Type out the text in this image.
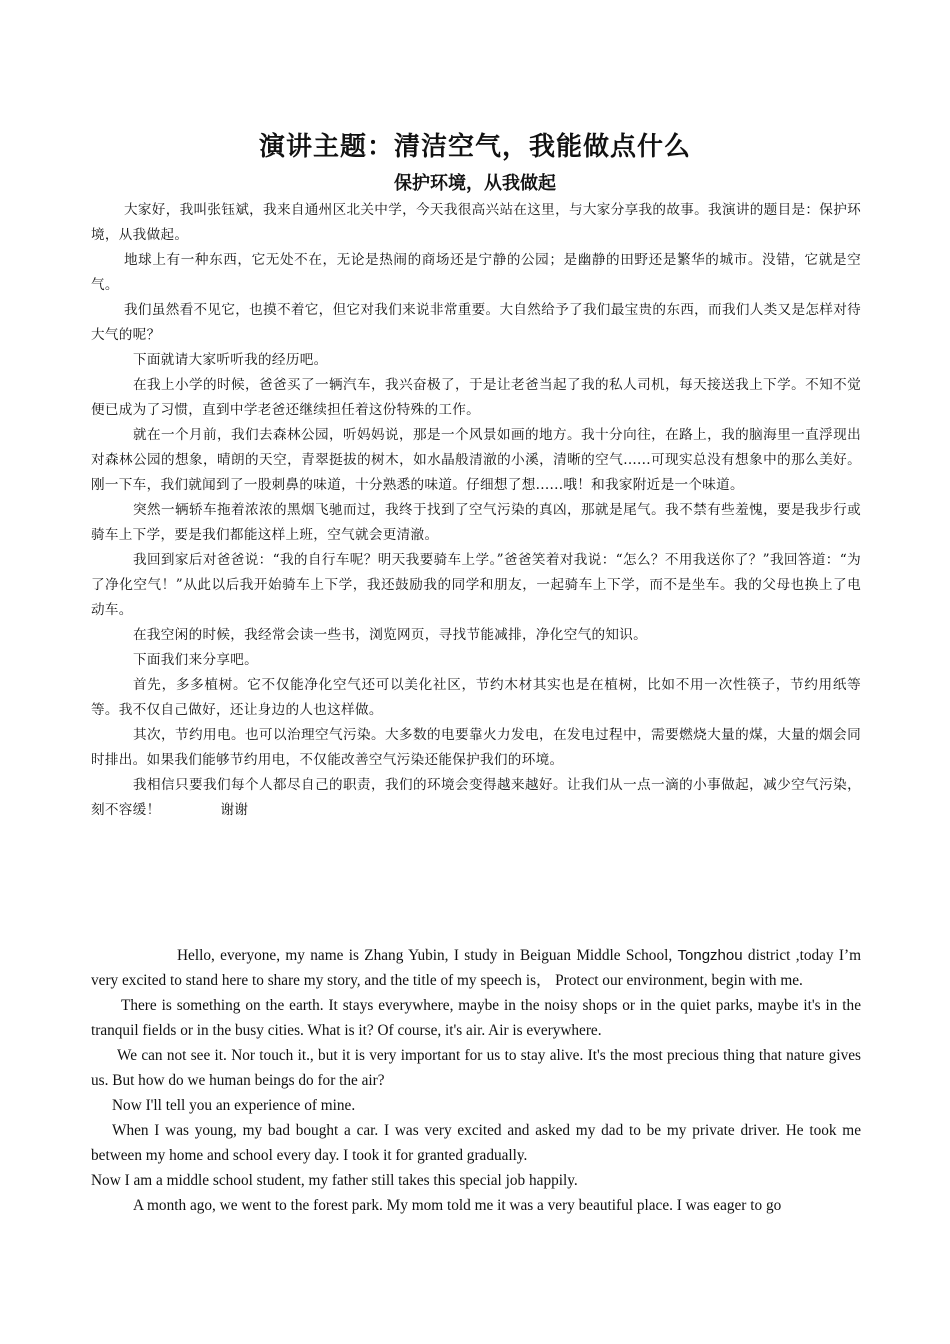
演讲主题：清洁空气，我能做点什么
保护环境，从我做起

大家好，我叫张钰斌，我来自通州区北关中学，今天我很高兴站在这里，与大家分享我的故事。我演讲的题目是：保护环境，从我做起。

地球上有一种东西，它无处不在，无论是热闹的商场还是宁静的公园；是幽静的田野还是繁华的城市。没错，它就是空气。

我们虽然看不见它，也摸不着它，但它对我们来说非常重要。大自然给予了我们最宝贵的东西，而我们人类又是怎样对待大气的呢？

下面就请大家听听我的经历吧。

在我上小学的时候，爸爸买了一辆汽车，我兴奋极了，于是让老爸当起了我的私人司机，每天接送我上下学。不知不觉便已成为了习惯，直到中学老爸还继续担任着这份特殊的工作。

就在一个月前，我们去森林公园，听妈妈说，那是一个风景如画的地方。我十分向往，在路上，我的脑海里一直浮现出对森林公园的想象，晴朗的天空，青翠挺拔的树木，如水晶般清澈的小溪，清晰的空气......可现实总没有想象中的那么美好。刚一下车，我们就闻到了一股刺鼻的味道，十分熟悉的味道。仔细想了想......哦！和我家附近是一个味道。

突然一辆轿车拖着浓浓的黑烟飞驰而过，我终于找到了空气污染的真凶，那就是尾气。我不禁有些羞愧，要是我步行或骑车上下学，要是我们都能这样上班，空气就会更清澈。

我回到家后对爸爸说：“我的自行车呢？明天我要骑车上学。”爸爸笑着对我说：“怎么？不用我送你了？”我回答道：“为了净化空气！”从此以后我开始骑车上下学，我还鼓励我的同学和朋友，一起骑车上下学，而不是坐车。我的父母也换上了电动车。

在我空闲的时候，我经常会读一些书，浏览网页，寻找节能减排，净化空气的知识。

下面我们来分享吧。

首先，多多植树。它不仅能净化空气还可以美化社区，节约木材其实也是在植树，比如不用一次性筷子，节约用纸等等。我不仅自己做好，还让身边的人也这样做。

其次，节约用电。也可以治理空气污染。大多数的电要靠火力发电，在发电过程中，需要燃烧大量的煤，大量的烟会同时排出。如果我们能够节约用电，不仅能改善空气污染还能保护我们的环境。

我相信只要我们每个人都尽自己的职责，我们的环境会变得越来越好。让我们从一点一滴的小事做起，减少空气污染，刻不容缓！	谢谢

Hello, everyone, my name is Zhang Yubin, I study in Beiguan Middle School, Tongzhou district ,today I’m very excited to stand here to share my story, and the title of my speech is， Protect our environment, begin with me.

There is something on the earth. It stays everywhere, maybe in the noisy shops or in the quiet parks, maybe it's in the tranquil fields or in the busy cities. What is it? Of course, it's air. Air is everywhere.

We can not see it. Nor touch it., but it is very important for us to stay alive. It's the most precious thing that nature gives us. But how do we human beings do for the air?

Now I'll tell you an experience of mine.

When I was young, my bad bought a car. I was very excited and asked my dad to be my private driver. He took me between my home and school every day. I took it for granted gradually.

Now I am a middle school student, my father still takes this special job happily.

A month ago, we went to the forest park. My mom told me it was a very beautiful place. I was eager to go
